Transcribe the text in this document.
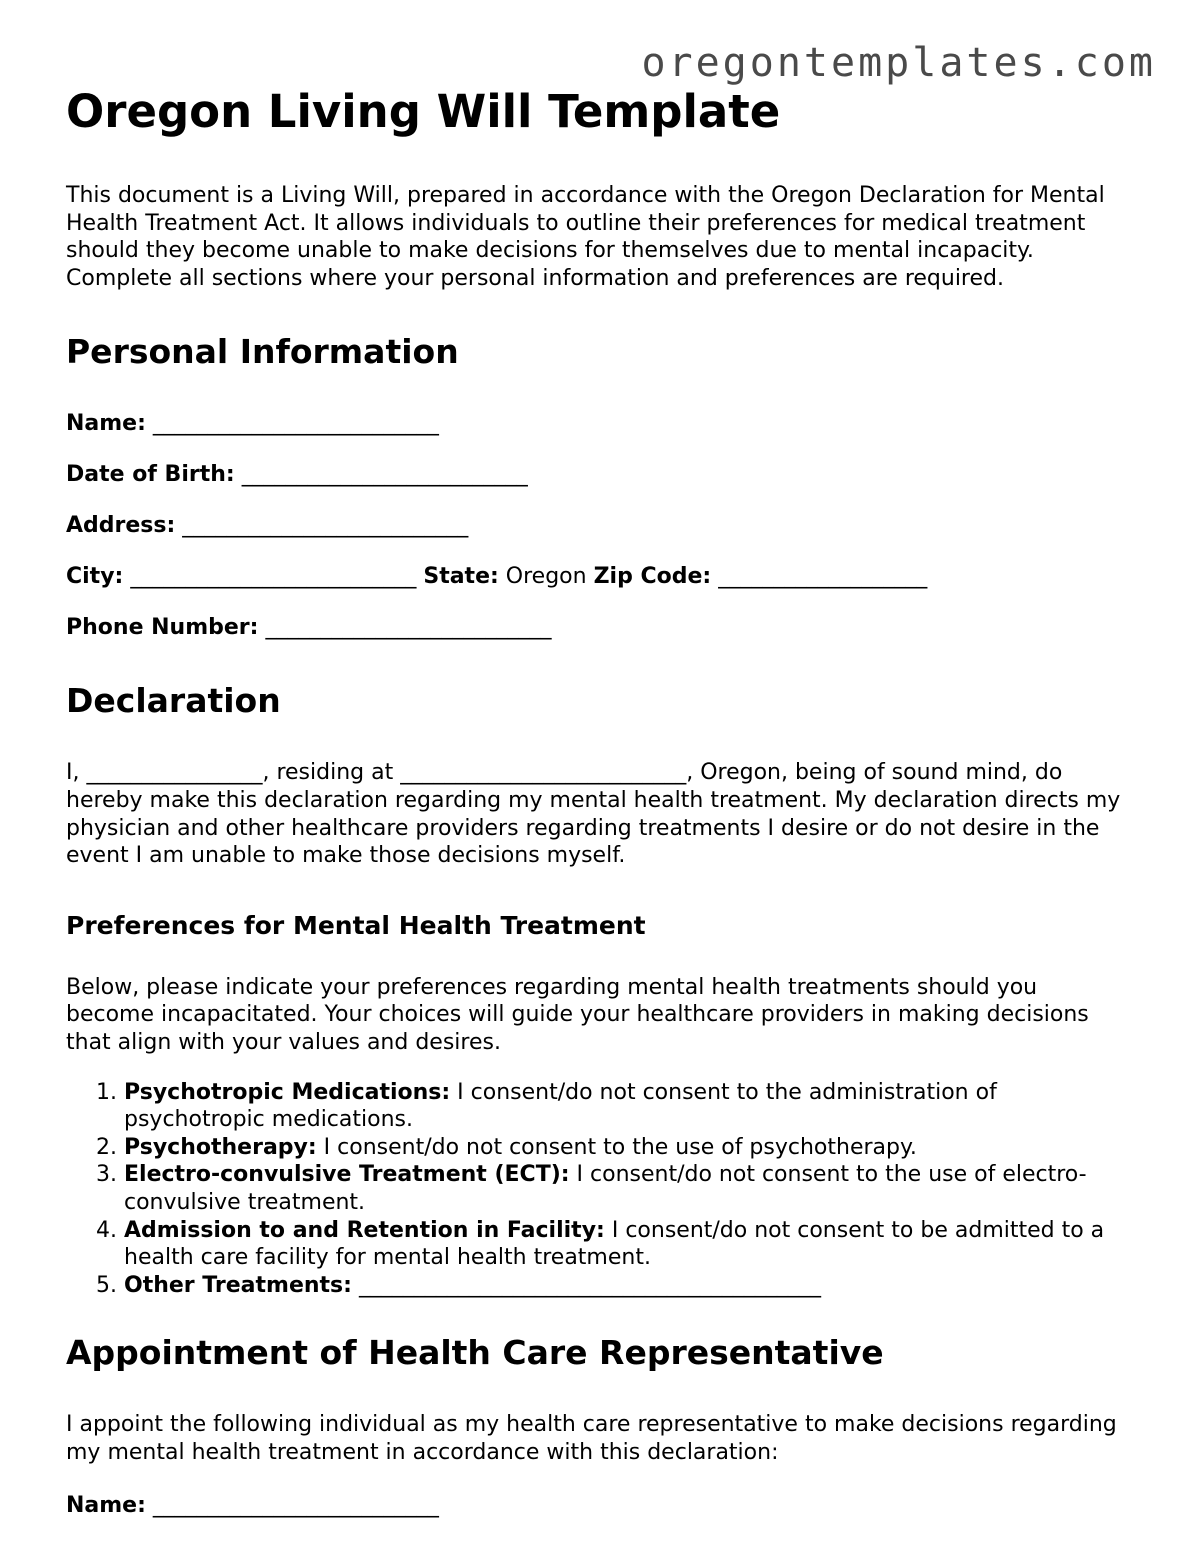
oregontemplates.com
Oregon Living Will Template

This document is a Living Will, prepared in accordance with the Oregon Declaration for Mental Health Treatment Act. It allows individuals to outline their preferences for medical treatment should they become unable to make decisions for themselves due to mental incapacity. Complete all sections where your personal information and preferences are required.

Personal Information
Name: __________________________
Date of Birth: __________________________
Address: __________________________
City: __________________________ State: Oregon Zip Code: ___________________
Phone Number: __________________________
Declaration

I, ________________, residing at __________________________, Oregon, being of sound mind, do hereby make this declaration regarding my mental health treatment. My declaration directs my physician and other healthcare providers regarding treatments I desire or do not desire in the event I am unable to make those decisions myself.

Preferences for Mental Health Treatment

Below, please indicate your preferences regarding mental health treatments should you become incapacitated. Your choices will guide your healthcare providers in making decisions that align with your values and desires.

1. Psychotropic Medications: I consent/do not consent to the administration of psychotropic medications.
2. Psychotherapy: I consent/do not consent to the use of psychotherapy.
3. Electro-convulsive Treatment (ECT): I consent/do not consent to the use of electro-convulsive treatment.
4. Admission to and Retention in Facility: I consent/do not consent to be admitted to a health care facility for mental health treatment.
5. Other Treatments: __________________________________________
Appointment of Health Care Representative

I appoint the following individual as my health care representative to make decisions regarding my mental health treatment in accordance with this declaration:

Name: __________________________
